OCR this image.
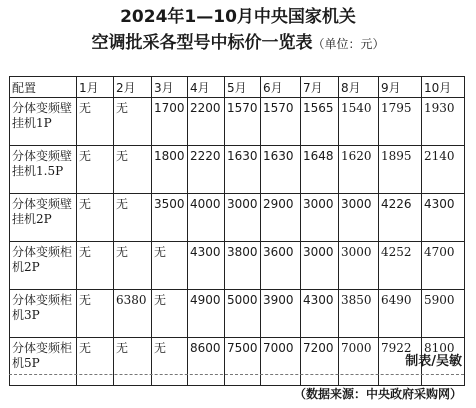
2024年1—10月中央国家机关
空调批采各型号中标价一览表（单位：元）
配置	1月	2月	3月	4月	5月	6月	7月	8月	9月	10月
分体变频壁挂机1P	无	无	1700	2200	1570	1570	1565	1540	1795	1930
分体变频壁挂机1.5P	无	无	1800	2220	1630	1630	1648	1620	1895	2140
分体变频壁挂机2P	无	无	3500	4000	3000	2900	3000	3000	4226	4300
分体变频柜机2P	无	无	无	4300	3800	3600	3000	3000	4252	4700
分体变频柜机3P	无	6380	无	4900	5000	3900	4300	3850	6490	5900
分体变频柜机5P	无	无	无	8600	7500	7000	7200	7000	7922	8100
制表/吴敏
（数据来源：中央政府采购网）
